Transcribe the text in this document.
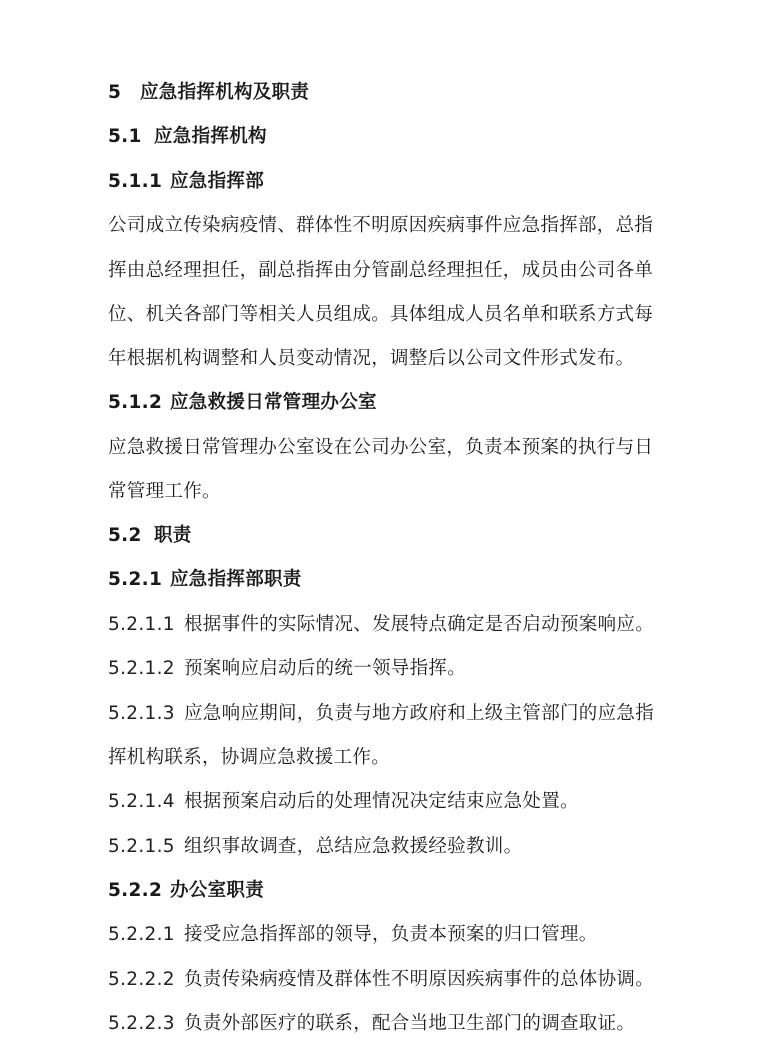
5 应急指挥机构及职责
5.1 应急指挥机构
5.1.1 应急指挥部
公司成立传染病疫情、群体性不明原因疾病事件应急指挥部，总指
挥由总经理担任，副总指挥由分管副总经理担任，成员由公司各单
位、机关各部门等相关人员组成。具体组成人员名单和联系方式每
年根据机构调整和人员变动情况，调整后以公司文件形式发布。
5.1.2 应急救援日常管理办公室
应急救援日常管理办公室设在公司办公室，负责本预案的执行与日
常管理工作。
5.2 职责
5.2.1 应急指挥部职责
5.2.1.1 根据事件的实际情况、发展特点确定是否启动预案响应。
5.2.1.2 预案响应启动后的统一领导指挥。
5.2.1.3 应急响应期间，负责与地方政府和上级主管部门的应急指
挥机构联系，协调应急救援工作。
5.2.1.4 根据预案启动后的处理情况决定结束应急处置。
5.2.1.5 组织事故调查，总结应急救援经验教训。
5.2.2 办公室职责
5.2.2.1 接受应急指挥部的领导，负责本预案的归口管理。
5.2.2.2 负责传染病疫情及群体性不明原因疾病事件的总体协调。
5.2.2.3 负责外部医疗的联系，配合当地卫生部门的调查取证。
